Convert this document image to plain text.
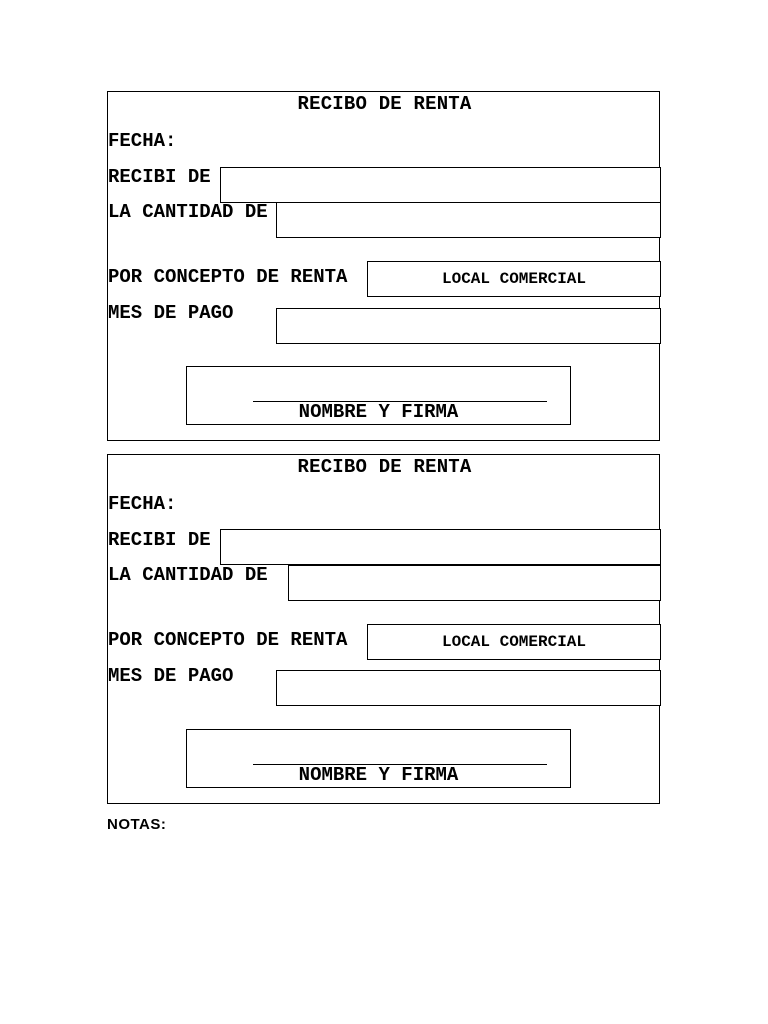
RECIBO DE RENTA
FECHA:
RECIBI DE
LA CANTIDAD DE
POR CONCEPTO DE RENTA	LOCAL COMERCIAL
MES DE PAGO
NOMBRE Y FIRMA
RECIBO DE RENTA
FECHA:
RECIBI DE
LA CANTIDAD DE
POR CONCEPTO DE RENTA	LOCAL COMERCIAL
MES DE PAGO
NOMBRE Y FIRMA
NOTAS:
